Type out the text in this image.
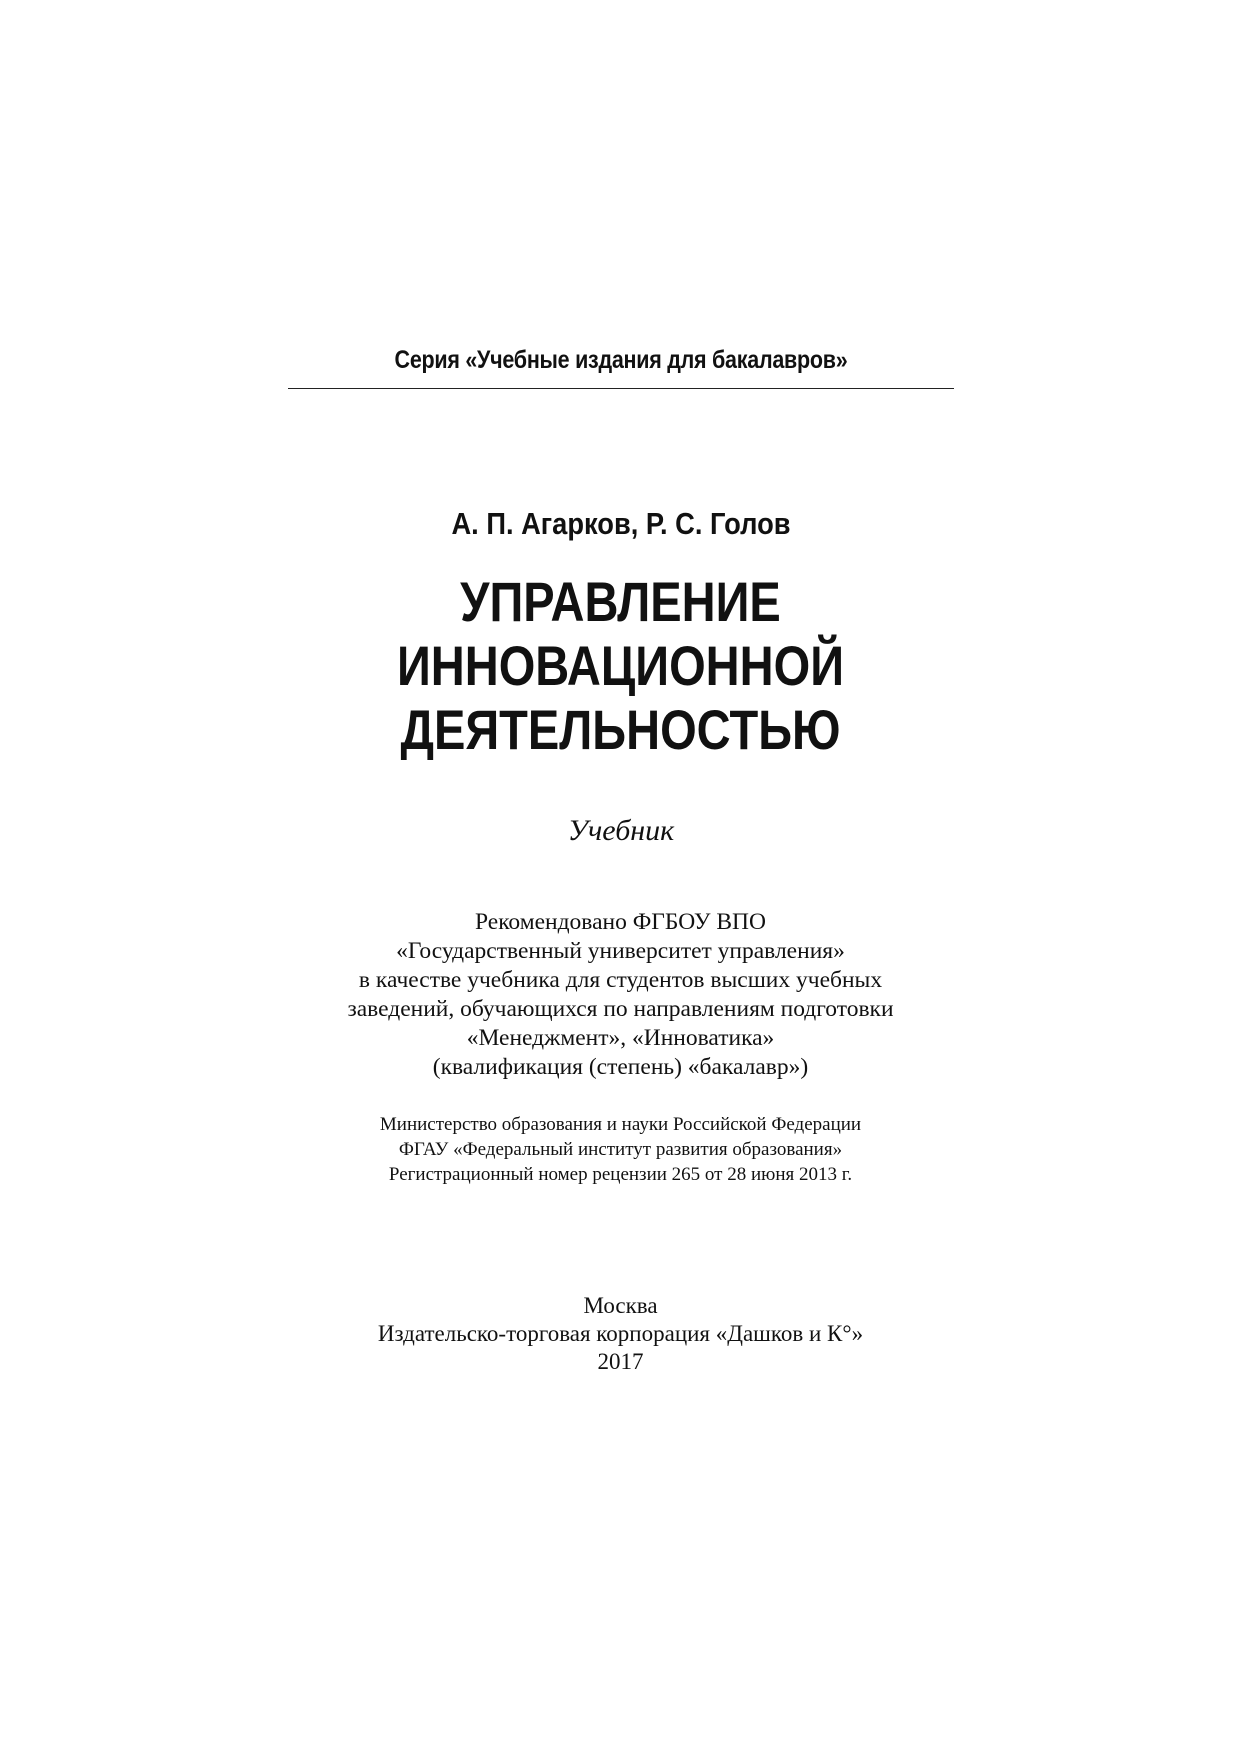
Серия «Учебные издания для бакалавров»
А. П. Агарков, Р. С. Голов
УПРАВЛЕНИЕ
ИННОВАЦИОННОЙ
ДЕЯТЕЛЬНОСТЬЮ
Учебник
Рекомендовано ФГБОУ ВПО
«Государственный университет управления»
в качестве учебника для студентов высших учебных
заведений, обучающихся по направлениям подготовки
«Менеджмент», «Инноватика»
(квалификация (степень) «бакалавр»)
Министерство образования и науки Российской Федерации
ФГАУ «Федеральный институт развития образования»
Регистрационный номер рецензии 265 от 28 июня 2013 г.
Москва
Издательско-торговая корпорация «Дашков и К°»
2017
